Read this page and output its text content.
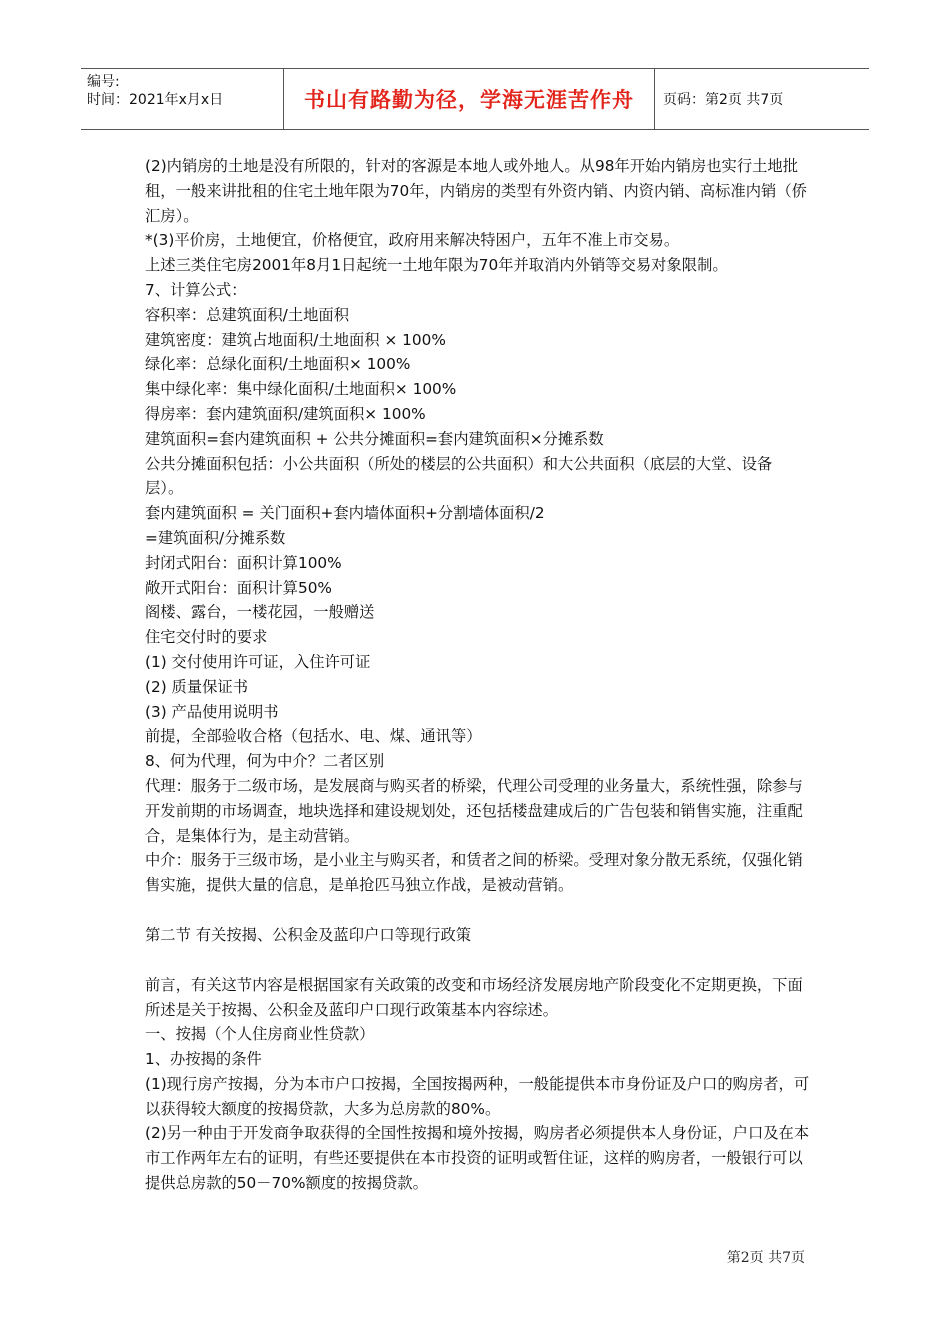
编号:
时间：2021年x月x日	书山有路勤为径，学海无涯苦作舟	页码：第2页 共7页

(2)内销房的土地是没有所限的，针对的客源是本地人或外地人。从98年开始内销房也实行土地批租，一般来讲批租的住宅土地年限为70年，内销房的类型有外资内销、内资内销、高标准内销（侨汇房）。

*(3)平价房，土地便宜，价格便宜，政府用来解决特困户，五年不准上市交易。

上述三类住宅房2001年8月1日起统一土地年限为70年并取消内外销等交易对象限制。

7、计算公式：

容积率：总建筑面积/土地面积

建筑密度：建筑占地面积/土地面积 × 100%

绿化率：总绿化面积/土地面积× 100%

集中绿化率：集中绿化面积/土地面积× 100%

得房率：套内建筑面积/建筑面积× 100%

建筑面积=套内建筑面积 + 公共分摊面积=套内建筑面积×分摊系数

公共分摊面积包括：小公共面积（所处的楼层的公共面积）和大公共面积（底层的大堂、设备层）。

套内建筑面积 = 关门面积+套内墙体面积+分割墙体面积/2

=建筑面积/分摊系数

封闭式阳台：面积计算100%

敞开式阳台：面积计算50%

阁楼、露台，一楼花园，一般赠送

住宅交付时的要求

(1) 交付使用许可证，入住许可证

(2) 质量保证书

(3) 产品使用说明书

前提，全部验收合格（包括水、电、煤、通讯等）

8、何为代理，何为中介？二者区别

代理：服务于二级市场，是发展商与购买者的桥梁，代理公司受理的业务量大，系统性强，除参与开发前期的市场调查，地块选择和建设规划处，还包括楼盘建成后的广告包装和销售实施，注重配合，是集体行为，是主动营销。

中介：服务于三级市场，是小业主与购买者，和赁者之间的桥梁。受理对象分散无系统，仅强化销售实施，提供大量的信息，是单抢匹马独立作战，是被动营销。

第二节 有关按揭、公积金及蓝印户口等现行政策

前言，有关这节内容是根据国家有关政策的改变和市场经济发展房地产阶段变化不定期更换，下面所述是关于按揭、公积金及蓝印户口现行政策基本内容综述。

一、按揭（个人住房商业性贷款）

1、办按揭的条件

(1)现行房产按揭，分为本市户口按揭，全国按揭两种，一般能提供本市身份证及户口的购房者，可以获得较大额度的按揭贷款，大多为总房款的80%。

(2)另一种由于开发商争取获得的全国性按揭和境外按揭，购房者必须提供本人身份证，户口及在本市工作两年左右的证明，有些还要提供在本市投资的证明或暂住证，这样的购房者，一般银行可以提供总房款的50－70%额度的按揭贷款。

第2页 共7页
